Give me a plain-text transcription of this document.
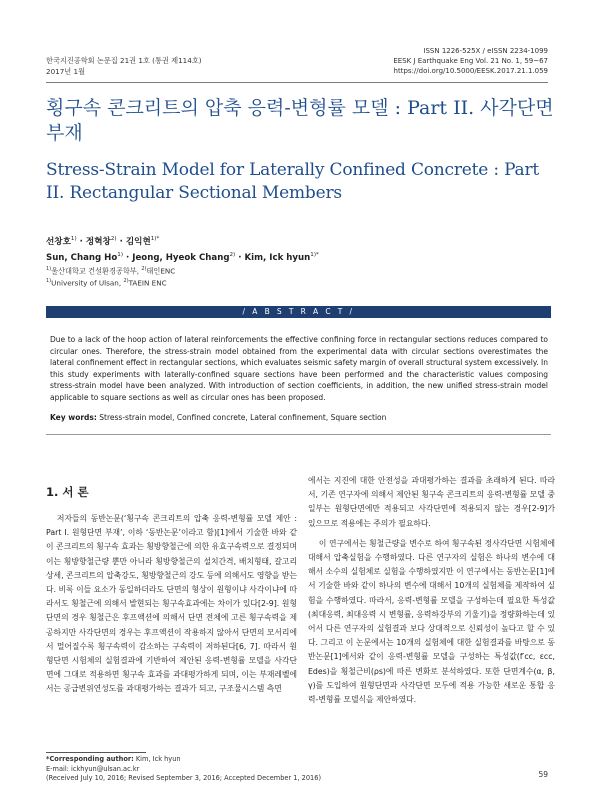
한국지진공학회 논문집 21권 1호 (통권 제114호)
2017년 1월
ISSN 1226-525X / eISSN 2234-1099
EESK J Earthquake Eng Vol. 21 No. 1, 59~67
https://doi.org/10.5000/EESK.2017.21.1.059
횡구속 콘크리트의 압축 응력-변형률 모델 : Part II. 사각단면 부재
Stress-Strain Model for Laterally Confined Concrete : Part II. Rectangular Sectional Members
선창호$^{1)}$ · 정혁창$^{2)}$ · 김익현$^{1)*}$
Sun, Chang $Ho^{1)}$ · Jeong, Hyeok Chang$^{2)}$ · Kim, Ick hyun$^{1)*}$
$^{1)}$울산대학교 건설환경공학부, $^{2)}$태인ENC
$^{1)}$University of Ulsan, $^{2)}$TAEIN ENC
/ A B S T R A C T /
Due to a lack of the hoop action of lateral reinforcements the effective confining force in rectangular sections reduces compared to circular ones. Therefore, the stress-strain model obtained from the experimental data with circular sections overestimates the lateral confinement effect in rectangular sections, which evaluates seismic safety margin of overall structural system excessively. In this study experiments with laterally-confined square sections have been performed and the characteristic values composing stress-strain model have been analyzed. With introduction of section coefficients, in addition, the new unified stress-strain model applicable to square sections as well as circular ones has been proposed.
Key words: Stress-strain model, Confined concrete, Lateral confinement, Square section
1. 서 론

저자들의 동반논문(‘횡구속 콘크리트의 압축 응력-변형률 모델 제안 : Part I. 원형단면 부재’, 이하 ‘동반논문’이라고 함)[1]에서 기술한 바와 같이 콘크리트의 횡구속 효과는 횡방향철근에 의한 유효구속력으로 결정되며 이는 횡방향철근량 뿐만 아니라 횡방향철근의 설치간격, 배치형태, 갈고리 상세, 콘크리트의 압축강도, 횡방향철근의 강도 등에 의해서도 영향을 받는다. 비록 이들 요소가 동일하더라도 단면의 형상이 원형이냐 사각이냐에 따라서도 횡철근에 의해서 발현되는 횡구속효과에는 차이가 있다[2-9]. 원형단면의 경우 횡철근은 후프액션에 의해서 단면 전체에 고른 횡구속력을 제공하지만 사각단면의 경우는 후프액션이 작용하지 않아서 단면의 모서리에서 멀어질수록 횡구속력이 감소하는 구속력이 저하된다[6, 7]. 따라서 원형단면 시험체의 실험결과에 기반하여 제안된 응력-변형률 모델을 사각단면에 그대로 적용하면 횡구속 효과를 과대평가하게 되며, 이는 부재레벨에서는 공급변위연성도를 과대평가하는 결과가 되고, 구조물시스템 측면

에서는 지진에 대한 안전성을 과대평가하는 결과를 초래하게 된다. 따라서, 기존 연구자에 의해서 제안된 횡구속 콘크리트의 응력-변형률 모델 중 일부는 원형단면에만 적용되고 사각단면에 적용되지 않는 경우[2-9]가 있으므로 적용에는 주의가 필요하다.

이 연구에서는 횡철근량을 변수로 하여 횡구속된 정사각단면 시험체에 대해서 압축실험을 수행하였다. 다른 연구자의 실험은 하나의 변수에 대해서 소수의 실험체로 실험을 수행하였지만 이 연구에서는 동반논문[1]에서 기술한 바와 같이 하나의 변수에 대해서 10개의 실험체를 제작하여 실험을 수행하였다. 따라서, 응력-변형률 모델을 구성하는데 필요한 특성값(최대응력, 최대응력 시 변형률, 응력하강부의 기울기)을 정량화하는데 있어서 다른 연구자의 실험결과 보다 상대적으로 신뢰성이 높다고 할 수 있다. 그리고 이 논문에서는 10개의 실험체에 대한 실험결과를 바탕으로 동반논문[1]에서와 같이 응력-변형률 모델을 구성하는 특성값(f′cc, εcc, Edes)을 횡철근비(ρs)에 따른 변화로 분석하였다. 또한 단면계수(α, β, γ)를 도입하여 원형단면과 사각단면 모두에 적용 가능한 새로운 통합 응력-변형률 모델식을 제안하였다.

*Corresponding author: Kim, Ick hyun
E-mail: ickhyun@ulsan.ac.kr
(Received July 10, 2016; Revised September 3, 2016; Accepted December 1, 2016)	59
